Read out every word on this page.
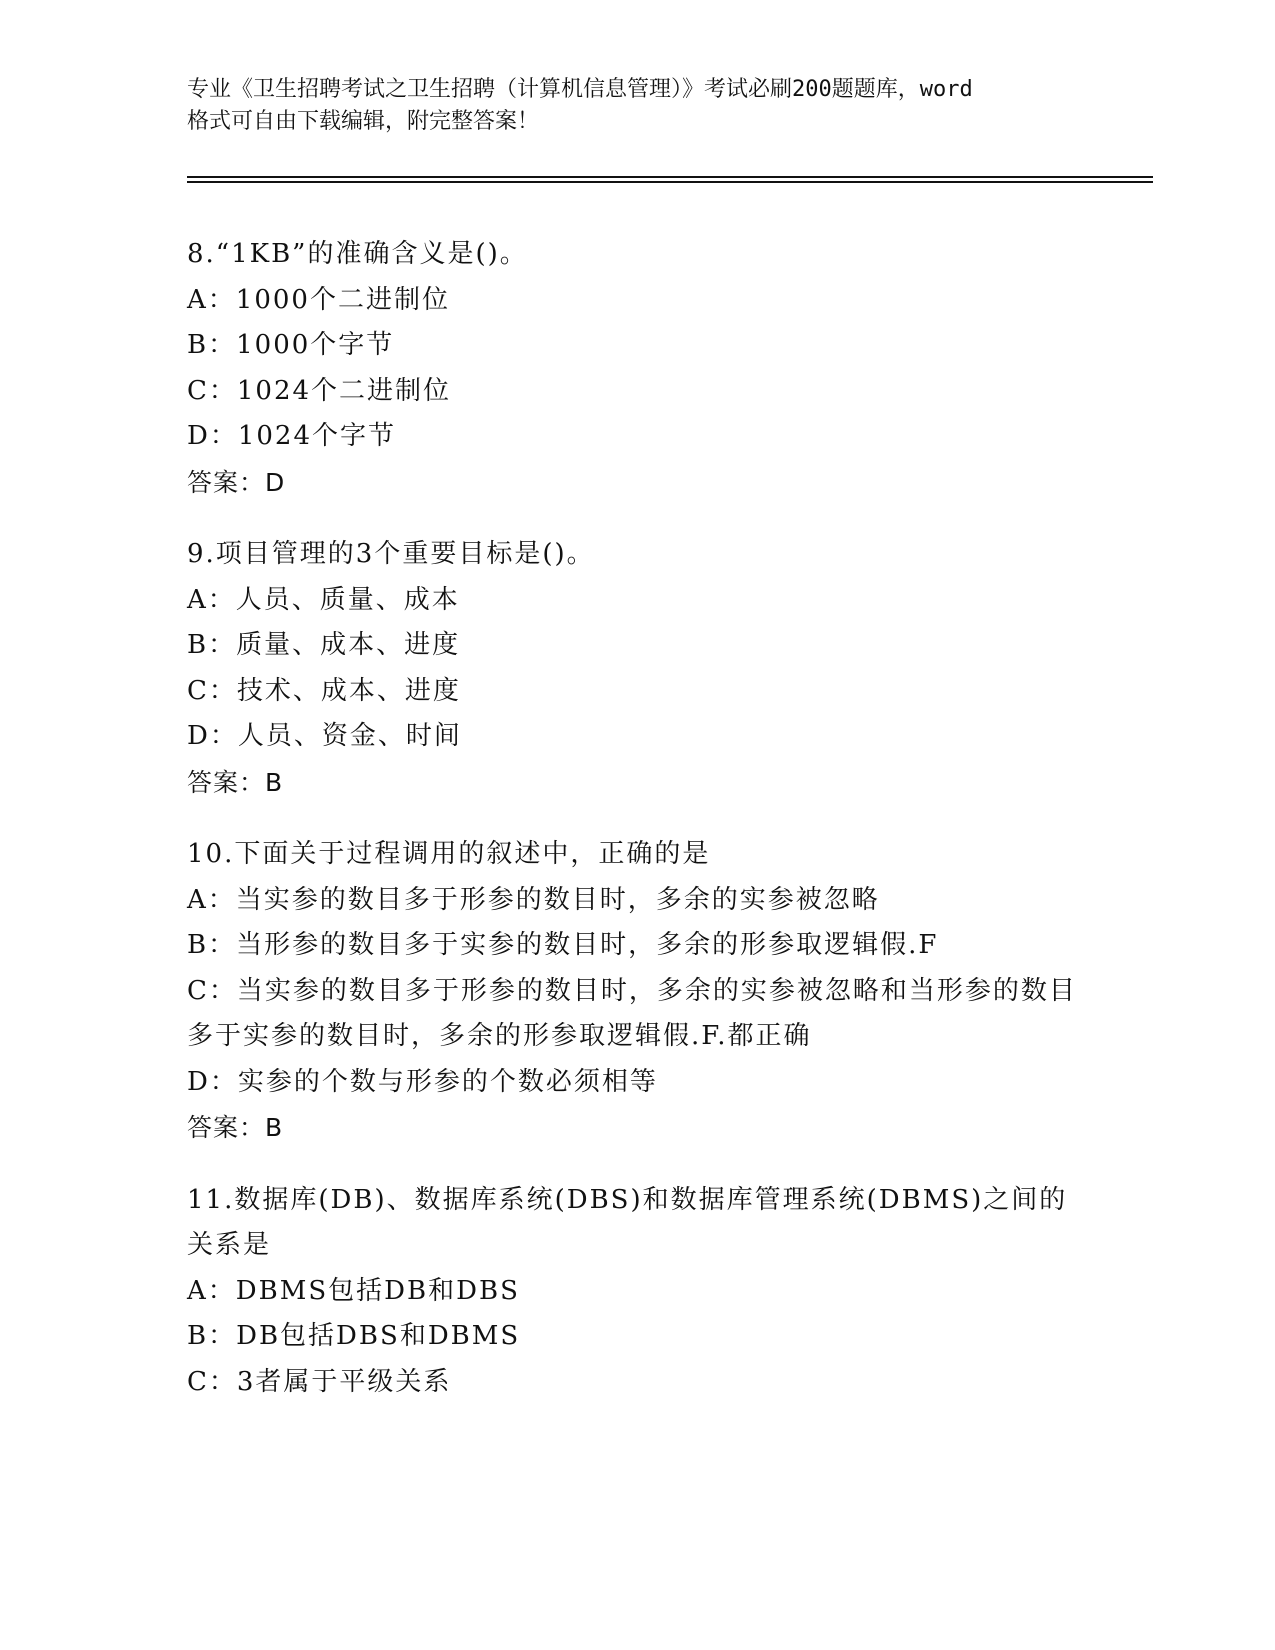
专业《卫生招聘考试之卫生招聘（计算机信息管理）》考试必刷200题题库，word
格式可自由下载编辑，附完整答案！
8.“1KB”的准确含义是()。
A：1000个二进制位
B：1000个字节
C：1024个二进制位
D：1024个字节
答案：D
9.项目管理的3个重要目标是()。
A：人员、质量、成本
B：质量、成本、进度
C：技术、成本、进度
D：人员、资金、时间
答案：B
10.下面关于过程调用的叙述中，正确的是
A：当实参的数目多于形参的数目时，多余的实参被忽略
B：当形参的数目多于实参的数目时，多余的形参取逻辑假.F
C：当实参的数目多于形参的数目时，多余的实参被忽略和当形参的数目多于实参的数目时，多余的形参取逻辑假.F.都正确
D：实参的个数与形参的个数必须相等
答案：B
11.数据库(DB)、数据库系统(DBS)和数据库管理系统(DBMS)之间的关系是
A：DBMS包括DB和DBS
B：DB包括DBS和DBMS
C：3者属于平级关系
